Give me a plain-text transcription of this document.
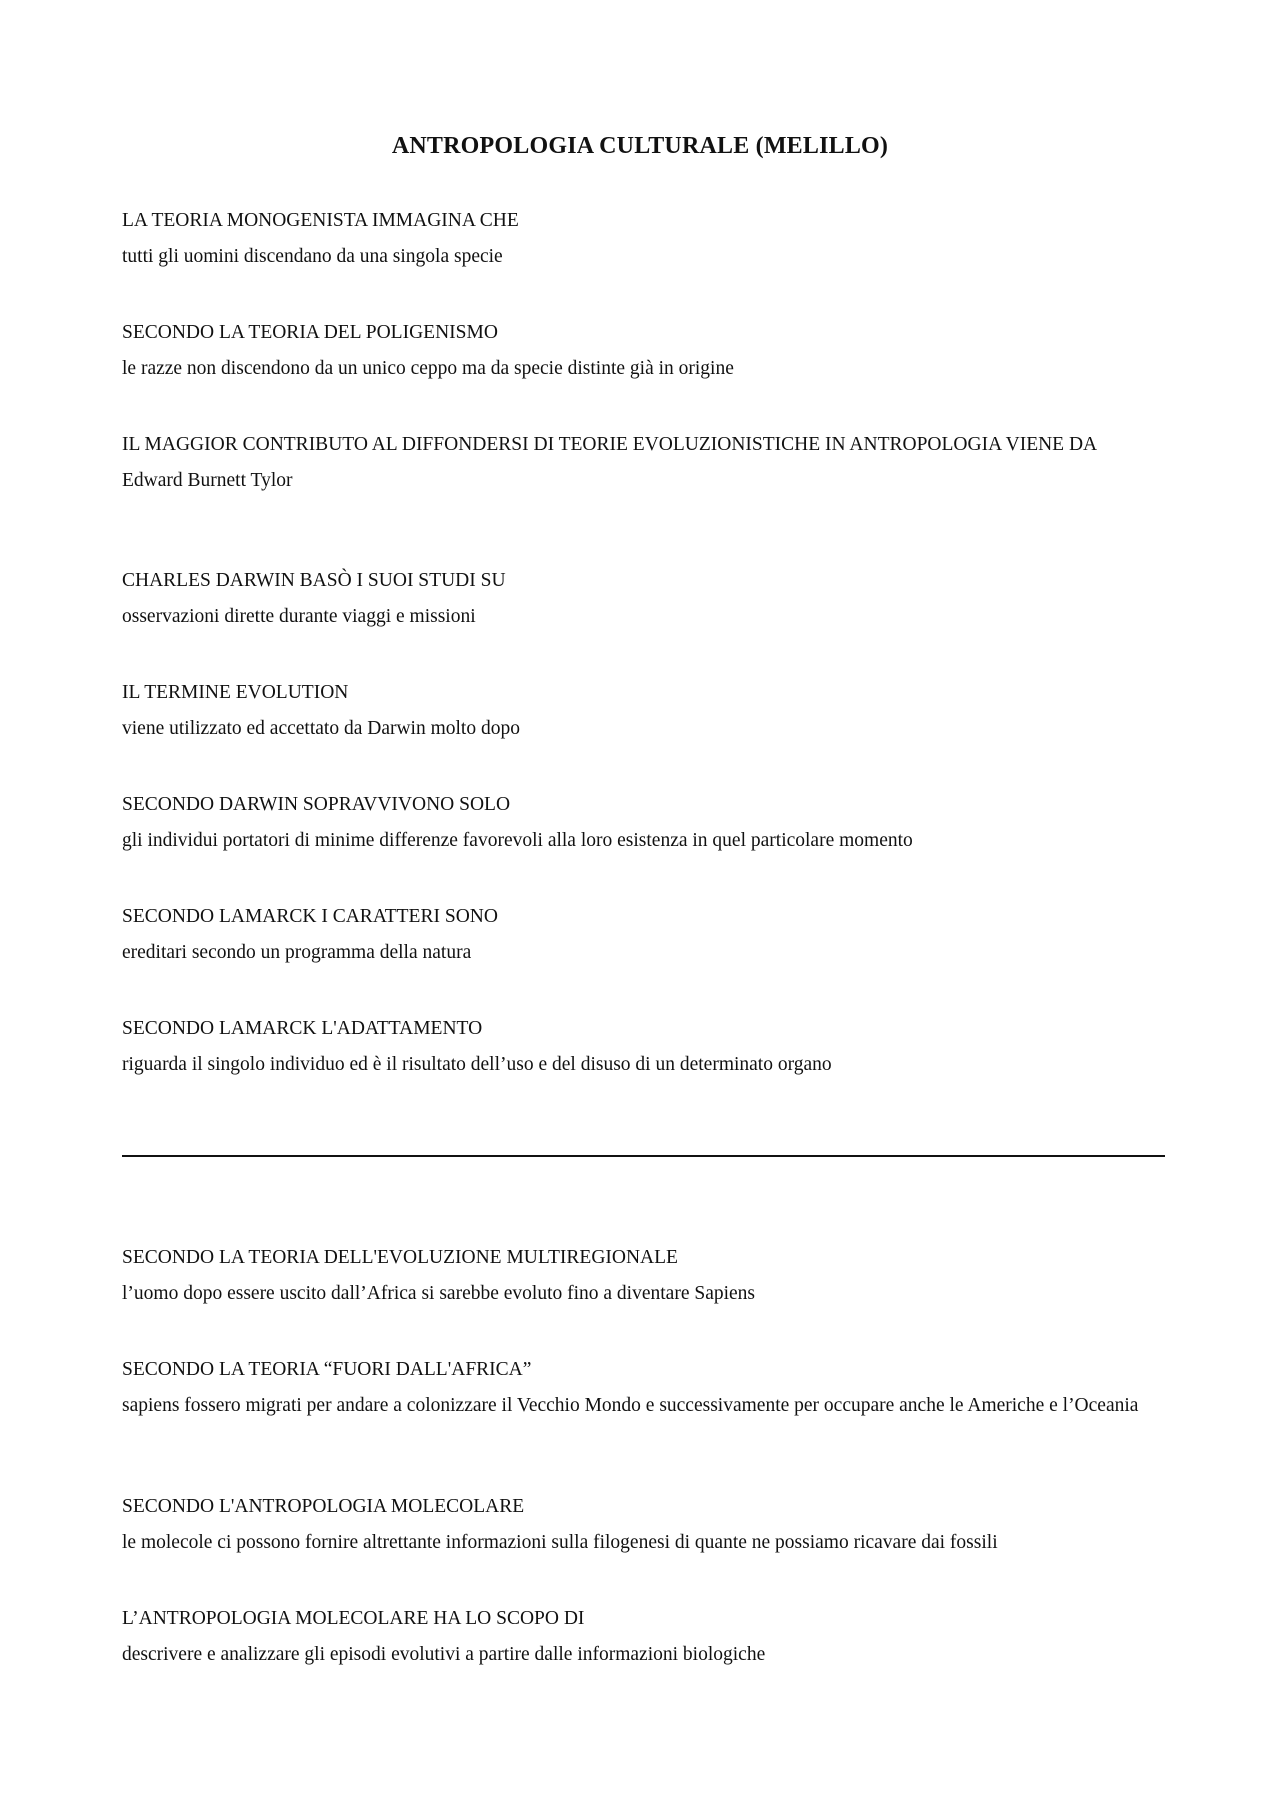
ANTROPOLOGIA CULTURALE (MELILLO)
LA TEORIA MONOGENISTA IMMAGINA CHE
tutti gli uomini discendano da una singola specie
SECONDO LA TEORIA DEL POLIGENISMO
le razze non discendono da un unico ceppo ma da specie distinte già in origine
IL MAGGIOR CONTRIBUTO AL DIFFONDERSI DI TEORIE EVOLUZIONISTICHE IN ANTROPOLOGIA VIENE DA
Edward Burnett Tylor
CHARLES DARWIN BASÒ I SUOI STUDI SU
osservazioni dirette durante viaggi e missioni
IL TERMINE EVOLUTION
viene utilizzato ed accettato da Darwin molto dopo
SECONDO DARWIN SOPRAVVIVONO SOLO
gli individui portatori di minime differenze favorevoli alla loro esistenza in quel particolare momento
SECONDO LAMARCK I CARATTERI SONO
ereditari secondo un programma della natura
SECONDO LAMARCK L'ADATTAMENTO
riguarda il singolo individuo ed è il risultato dell’uso e del disuso di un determinato organo
SECONDO LA TEORIA DELL'EVOLUZIONE MULTIREGIONALE
l’uomo dopo essere uscito dall’Africa si sarebbe evoluto fino a diventare Sapiens
SECONDO LA TEORIA “FUORI DALL'AFRICA”
sapiens fossero migrati per andare a colonizzare il Vecchio Mondo e successivamente per occupare anche le Americhe e l’Oceania
SECONDO L'ANTROPOLOGIA MOLECOLARE
le molecole ci possono fornire altrettante informazioni sulla filogenesi di quante ne possiamo ricavare dai fossili
L’ANTROPOLOGIA MOLECOLARE HA LO SCOPO DI
descrivere e analizzare gli episodi evolutivi a partire dalle informazioni biologiche
